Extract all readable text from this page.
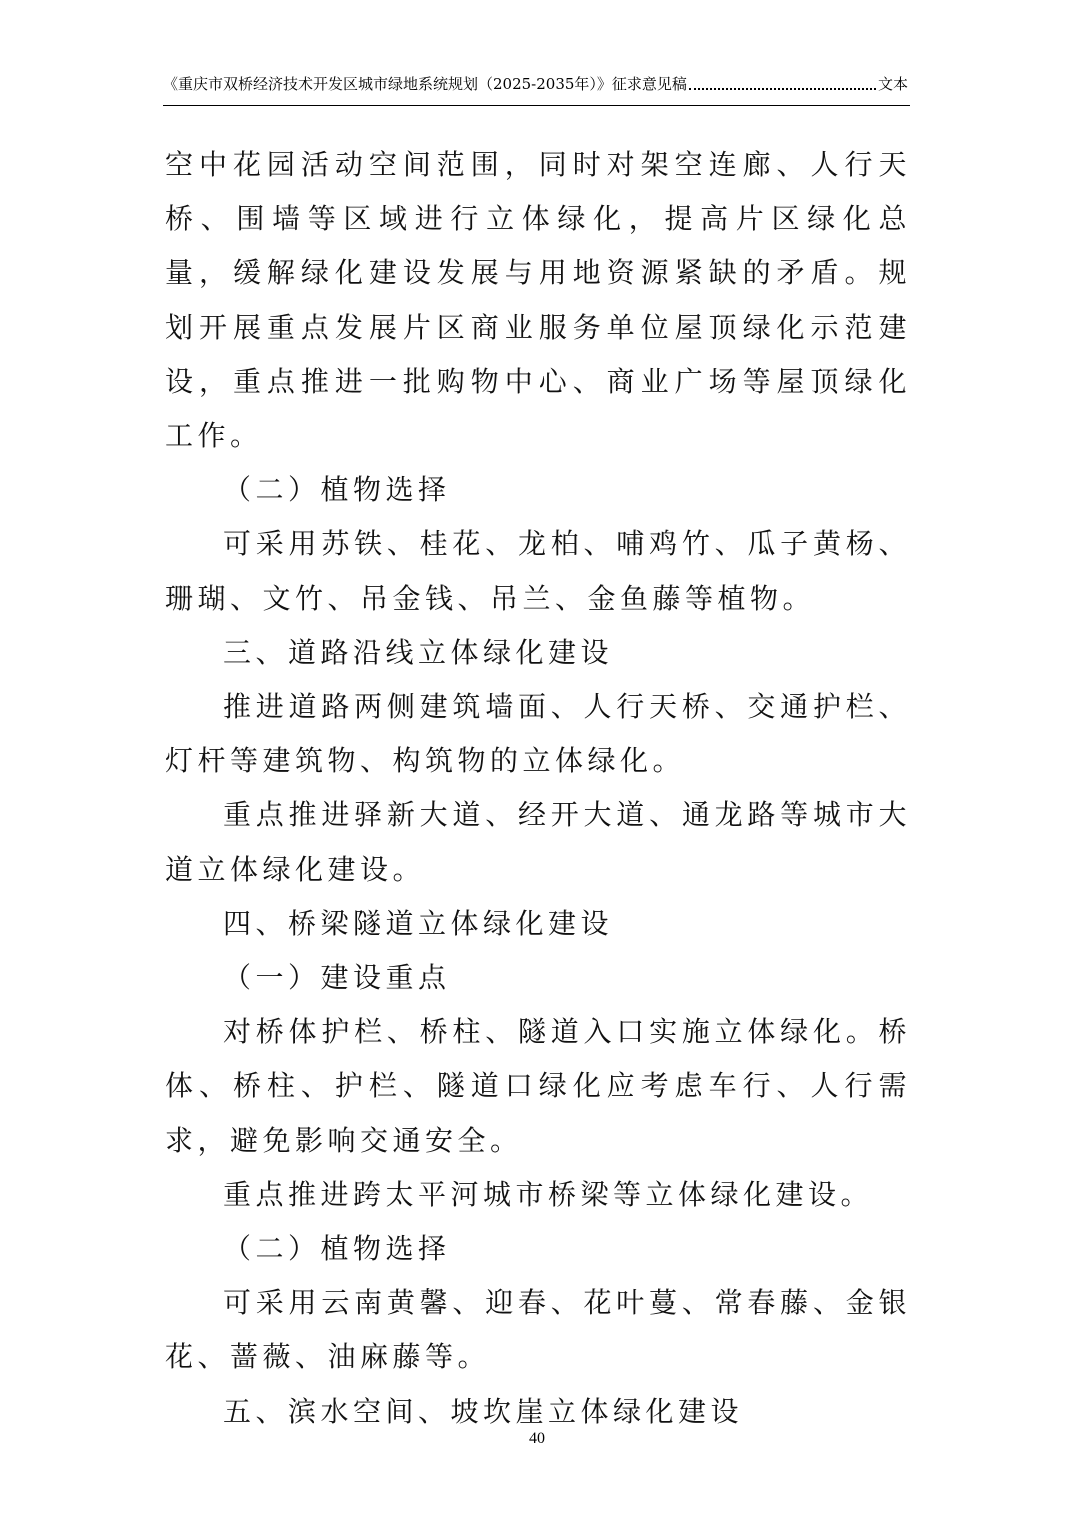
《重庆市双桥经济技术开发区城市绿地系统规划（2025-2035年）》征求意见稿	文本

空中花园活动空间范围，同时对架空连廊、人行天桥、围墙等区域进行立体绿化，提高片区绿化总量，缓解绿化建设发展与用地资源紧缺的矛盾。规划开展重点发展片区商业服务单位屋顶绿化示范建设，重点推进一批购物中心、商业广场等屋顶绿化工作。

（二）植物选择

可采用苏铁、桂花、龙柏、哺鸡竹、瓜子黄杨、珊瑚、文竹、吊金钱、吊兰、金鱼藤等植物。

三、道路沿线立体绿化建设

推进道路两侧建筑墙面、人行天桥、交通护栏、灯杆等建筑物、构筑物的立体绿化。

重点推进驿新大道、经开大道、通龙路等城市大道立体绿化建设。

四、桥梁隧道立体绿化建设

（一）建设重点

对桥体护栏、桥柱、隧道入口实施立体绿化。桥体、桥柱、护栏、隧道口绿化应考虑车行、人行需求，避免影响交通安全。

重点推进跨太平河城市桥梁等立体绿化建设。

（二）植物选择

可采用云南黄馨、迎春、花叶蔓、常春藤、金银花、蔷薇、油麻藤等。

五、滨水空间、坡坎崖立体绿化建设

40
